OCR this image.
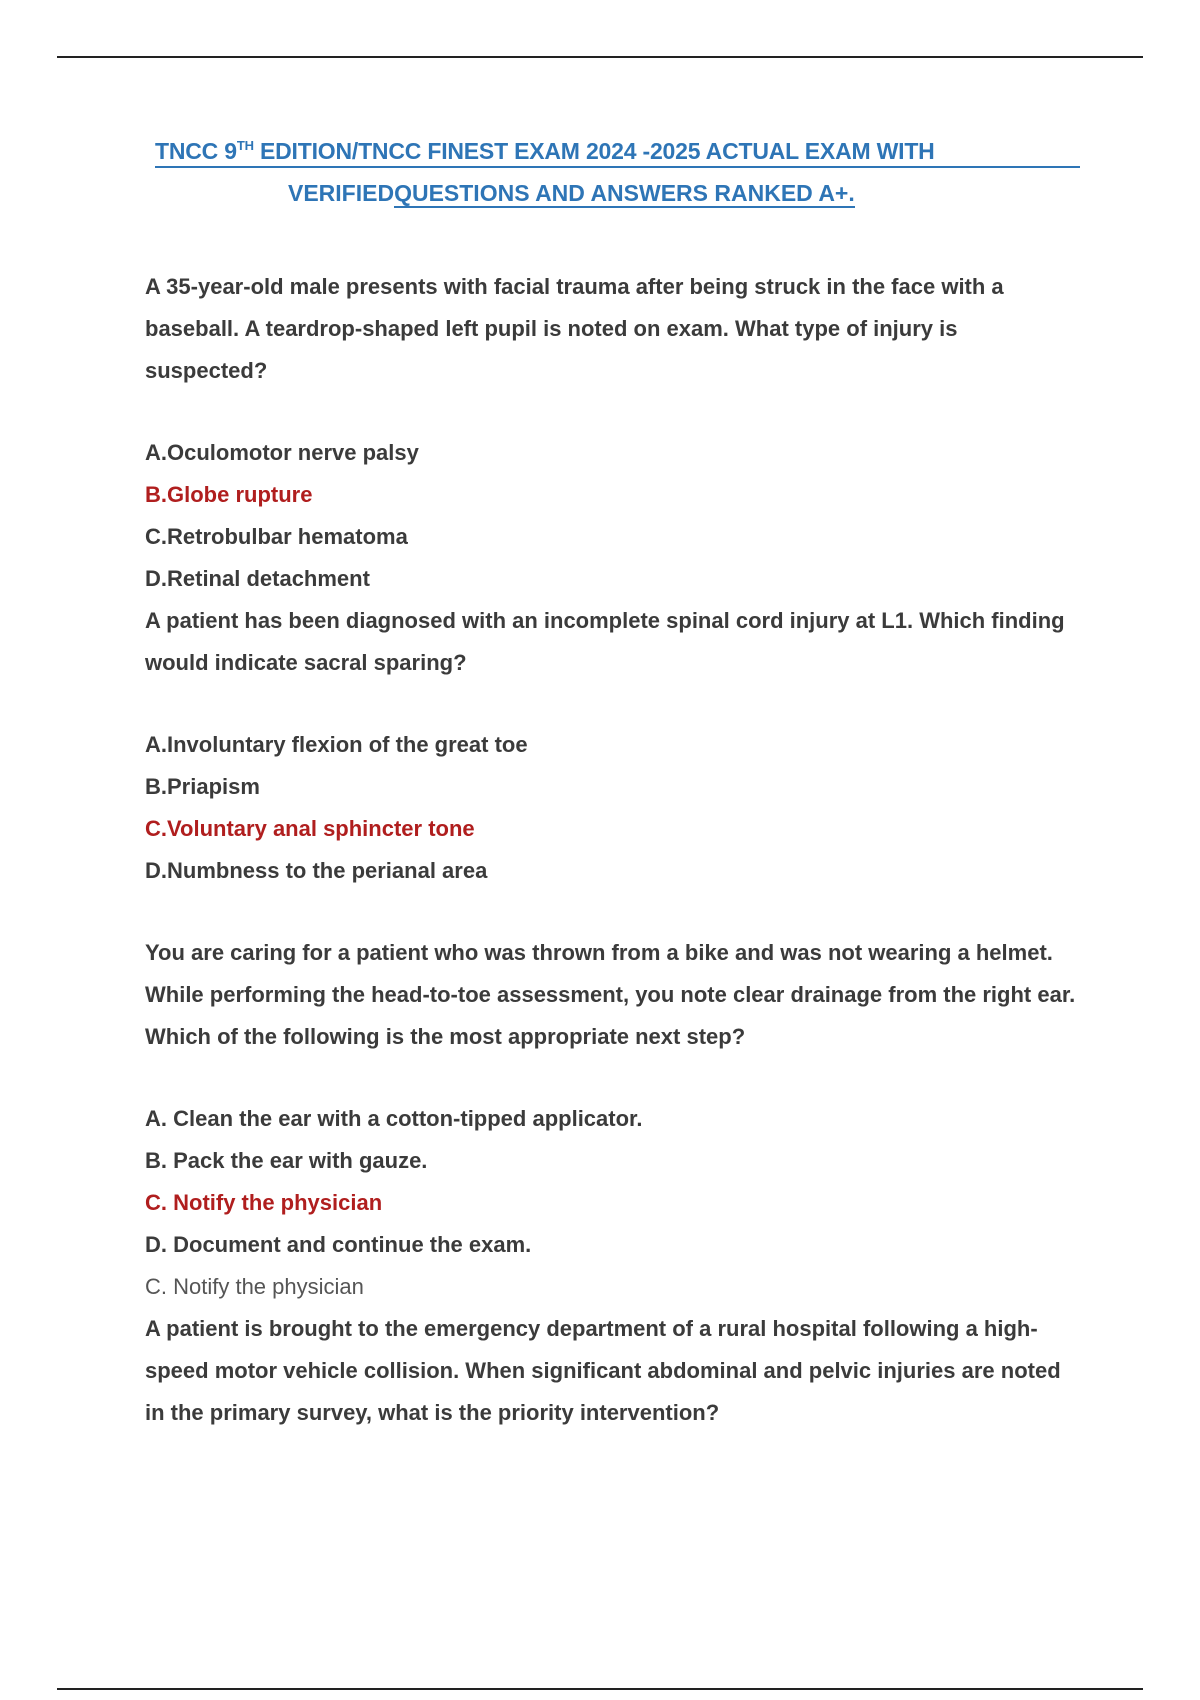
TNCC 9TH EDITION/TNCC FINEST EXAM 2024 -2025 ACTUAL EXAM WITH
VERIFIEDQUESTIONS AND ANSWERS RANKED A+.

A 35-year-old male presents with facial trauma after being struck in the face with a baseball. A teardrop-shaped left pupil is noted on exam. What type of injury is suspected?

A.Oculomotor nerve palsy

B.Globe rupture

C.Retrobulbar hematoma

D.Retinal detachment

A patient has been diagnosed with an incomplete spinal cord injury at L1. Which finding would indicate sacral sparing?

A.Involuntary flexion of the great toe

B.Priapism

C.Voluntary anal sphincter tone

D.Numbness to the perianal area

You are caring for a patient who was thrown from a bike and was not wearing a helmet. While performing the head-to-toe assessment, you note clear drainage from the right ear. Which of the following is the most appropriate next step?

A. Clean the ear with a cotton-tipped applicator.

B. Pack the ear with gauze.

C. Notify the physician

D. Document and continue the exam.

C. Notify the physician

A patient is brought to the emergency department of a rural hospital following a high-speed motor vehicle collision. When significant abdominal and pelvic injuries are noted in the primary survey, what is the priority intervention?
